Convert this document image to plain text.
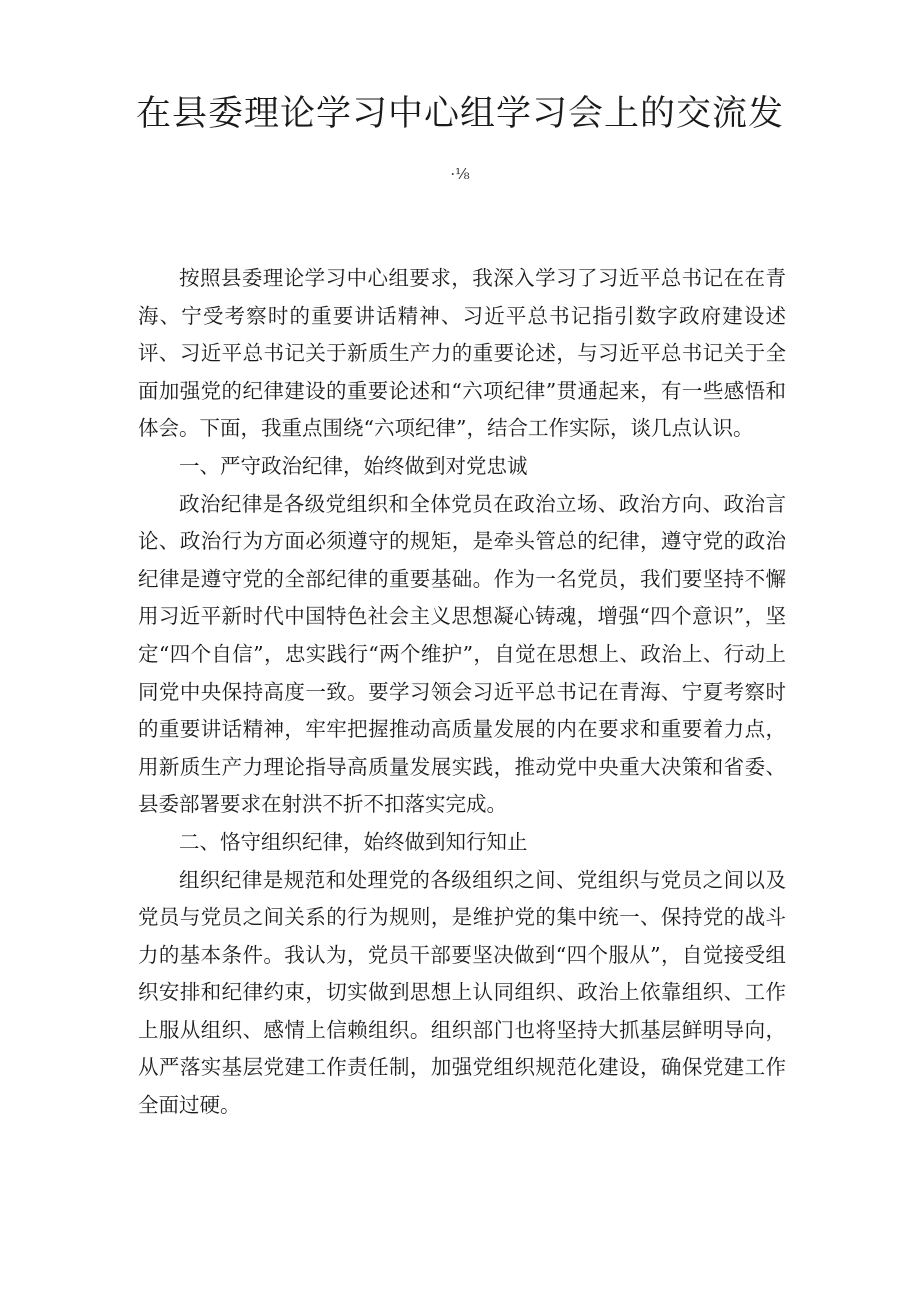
在县委理论学习中心组学习会上的交流发
·⅛

按照县委理论学习中心组要求，我深入学习了习近平总书记在在青海、宁受考察时的重要讲话精神、习近平总书记指引数字政府建设述评、习近平总书记关于新质生产力的重要论述，与习近平总书记关于全面加强党的纪律建设的重要论述和“六项纪律”贯通起来，有一些感悟和体会。下面，我重点围绕“六项纪律”，结合工作实际，谈几点认识。

一、严守政治纪律，始终做到对党忠诚

政治纪律是各级党组织和全体党员在政治立场、政治方向、政治言论、政治行为方面必须遵守的规矩，是牵头管总的纪律，遵守党的政治纪律是遵守党的全部纪律的重要基础。作为一名党员，我们要坚持不懈用习近平新时代中国特色社会主义思想凝心铸魂，增强“四个意识”，坚定“四个自信”，忠实践行“两个维护”，自觉在思想上、政治上、行动上同党中央保持高度一致。要学习领会习近平总书记在青海、宁夏考察时的重要讲话精神，牢牢把握推动高质量发展的内在要求和重要着力点，用新质生产力理论指导高质量发展实践，推动党中央重大决策和省委、县委部署要求在射洪不折不扣落实完成。

二、恪守组织纪律，始终做到知行知止

组织纪律是规范和处理党的各级组织之间、党组织与党员之间以及党员与党员之间关系的行为规则，是维护党的集中统一、保持党的战斗力的基本条件。我认为，党员干部要坚决做到“四个服从”，自觉接受组织安排和纪律约束，切实做到思想上认同组织、政治上依靠组织、工作上服从组织、感情上信赖组织。组织部门也将坚持大抓基层鲜明导向，从严落实基层党建工作责任制，加强党组织规范化建设，确保党建工作全面过硬。
